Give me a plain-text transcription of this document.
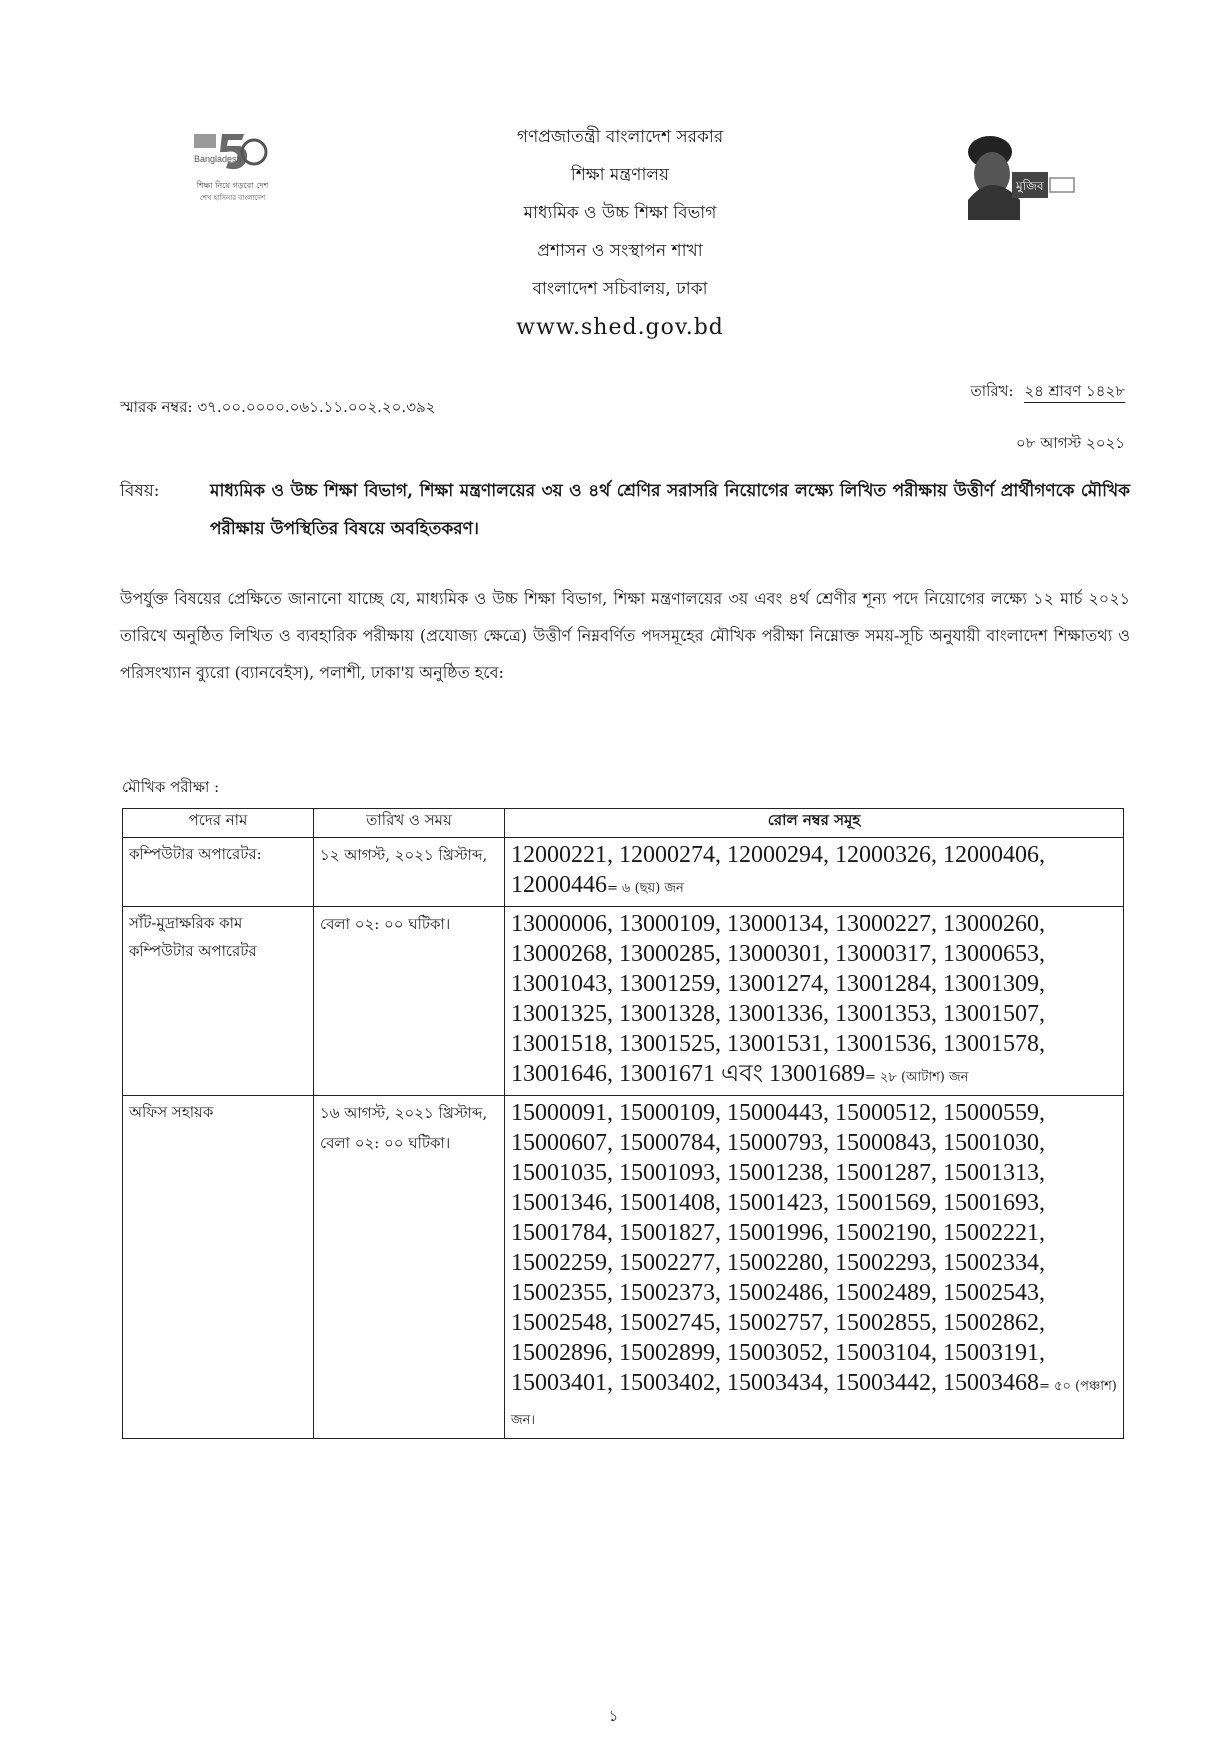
Bangladesh
শিক্ষা নিয়ে গড়বো দেশ
শেখ হাসিনার বাংলাদেশ
মুজিব
গণপ্রজাতন্ত্রী বাংলাদেশ সরকার
শিক্ষা মন্ত্রণালয়
মাধ্যমিক ও উচ্চ শিক্ষা বিভাগ
প্রশাসন ও সংস্থাপন শাখা
বাংলাদেশ সচিবালয়, ঢাকা
www.shed.gov.bd
স্মারক নম্বর: ৩৭.০০.০০০০.০৬১.১১.০০২.২০.৩৯২
তারিখ: ২৪ শ্রাবণ ১৪২৮
০৮ আগস্ট ২০২১
বিষয়:	মাধ্যমিক ও উচ্চ শিক্ষা বিভাগ, শিক্ষা মন্ত্রণালয়ের ৩য় ও ৪র্থ শ্রেণির সরাসরি নিয়োগের লক্ষ্যে লিখিত পরীক্ষায় উত্তীর্ণ প্রার্থীগণকে মৌখিক পরীক্ষায় উপস্থিতির বিষয়ে অবহিতকরণ।
উপর্যুক্ত বিষয়ের প্রেক্ষিতে জানানো যাচ্ছে যে, মাধ্যমিক ও উচ্চ শিক্ষা বিভাগ, শিক্ষা মন্ত্রণালয়ের ৩য় এবং ৪র্থ শ্রেণীর শূন্য পদে নিয়োগের লক্ষ্যে ১২ মার্চ ২০২১ তারিখে অনুষ্ঠিত লিখিত ও ব্যবহারিক পরীক্ষায় (প্রযোজ্য ক্ষেত্রে) উত্তীর্ণ নিম্নবর্ণিত পদসমূহের মৌখিক পরীক্ষা নিম্নোক্ত সময়-সূচি অনুযায়ী বাংলাদেশ শিক্ষাতথ্য ও পরিসংখ্যান ব্যুরো (ব্যানবেইস), পলাশী, ঢাকা'য় অনুষ্ঠিত হবে:
মৌখিক পরীক্ষা :
পদের নাম	তারিখ ও সময়	রোল নম্বর সমূহ
কম্পিউটার অপারেটর:	১২ আগস্ট, ২০২১ খ্রিস্টাব্দ,	12000221, 12000274, 12000294, 12000326, 12000406, 12000446= ৬ (ছয়) জন
সাঁট-মুদ্রাক্ষরিক কাম কম্পিউটার অপারেটর	বেলা ০২: ০০ ঘটিকা।	13000006, 13000109, 13000134, 13000227, 13000260, 13000268, 13000285, 13000301, 13000317, 13000653, 13001043, 13001259, 13001274, 13001284, 13001309, 13001325, 13001328, 13001336, 13001353, 13001507, 13001518, 13001525, 13001531, 13001536, 13001578, 13001646, 13001671 এবং 13001689= ২৮ (আটাশ) জন
অফিস সহায়ক	১৬ আগস্ট, ২০২১ খ্রিস্টাব্দ, বেলা ০২: ০০ ঘটিকা।	15000091, 15000109, 15000443, 15000512, 15000559, 15000607, 15000784, 15000793, 15000843, 15001030, 15001035, 15001093, 15001238, 15001287, 15001313, 15001346, 15001408, 15001423, 15001569, 15001693, 15001784, 15001827, 15001996, 15002190, 15002221, 15002259, 15002277, 15002280, 15002293, 15002334, 15002355, 15002373, 15002486, 15002489, 15002543, 15002548, 15002745, 15002757, 15002855, 15002862, 15002896, 15002899, 15003052, 15003104, 15003191, 15003401, 15003402, 15003434, 15003442, 15003468= ৫০ (পঞ্চাশ) জন।
১
